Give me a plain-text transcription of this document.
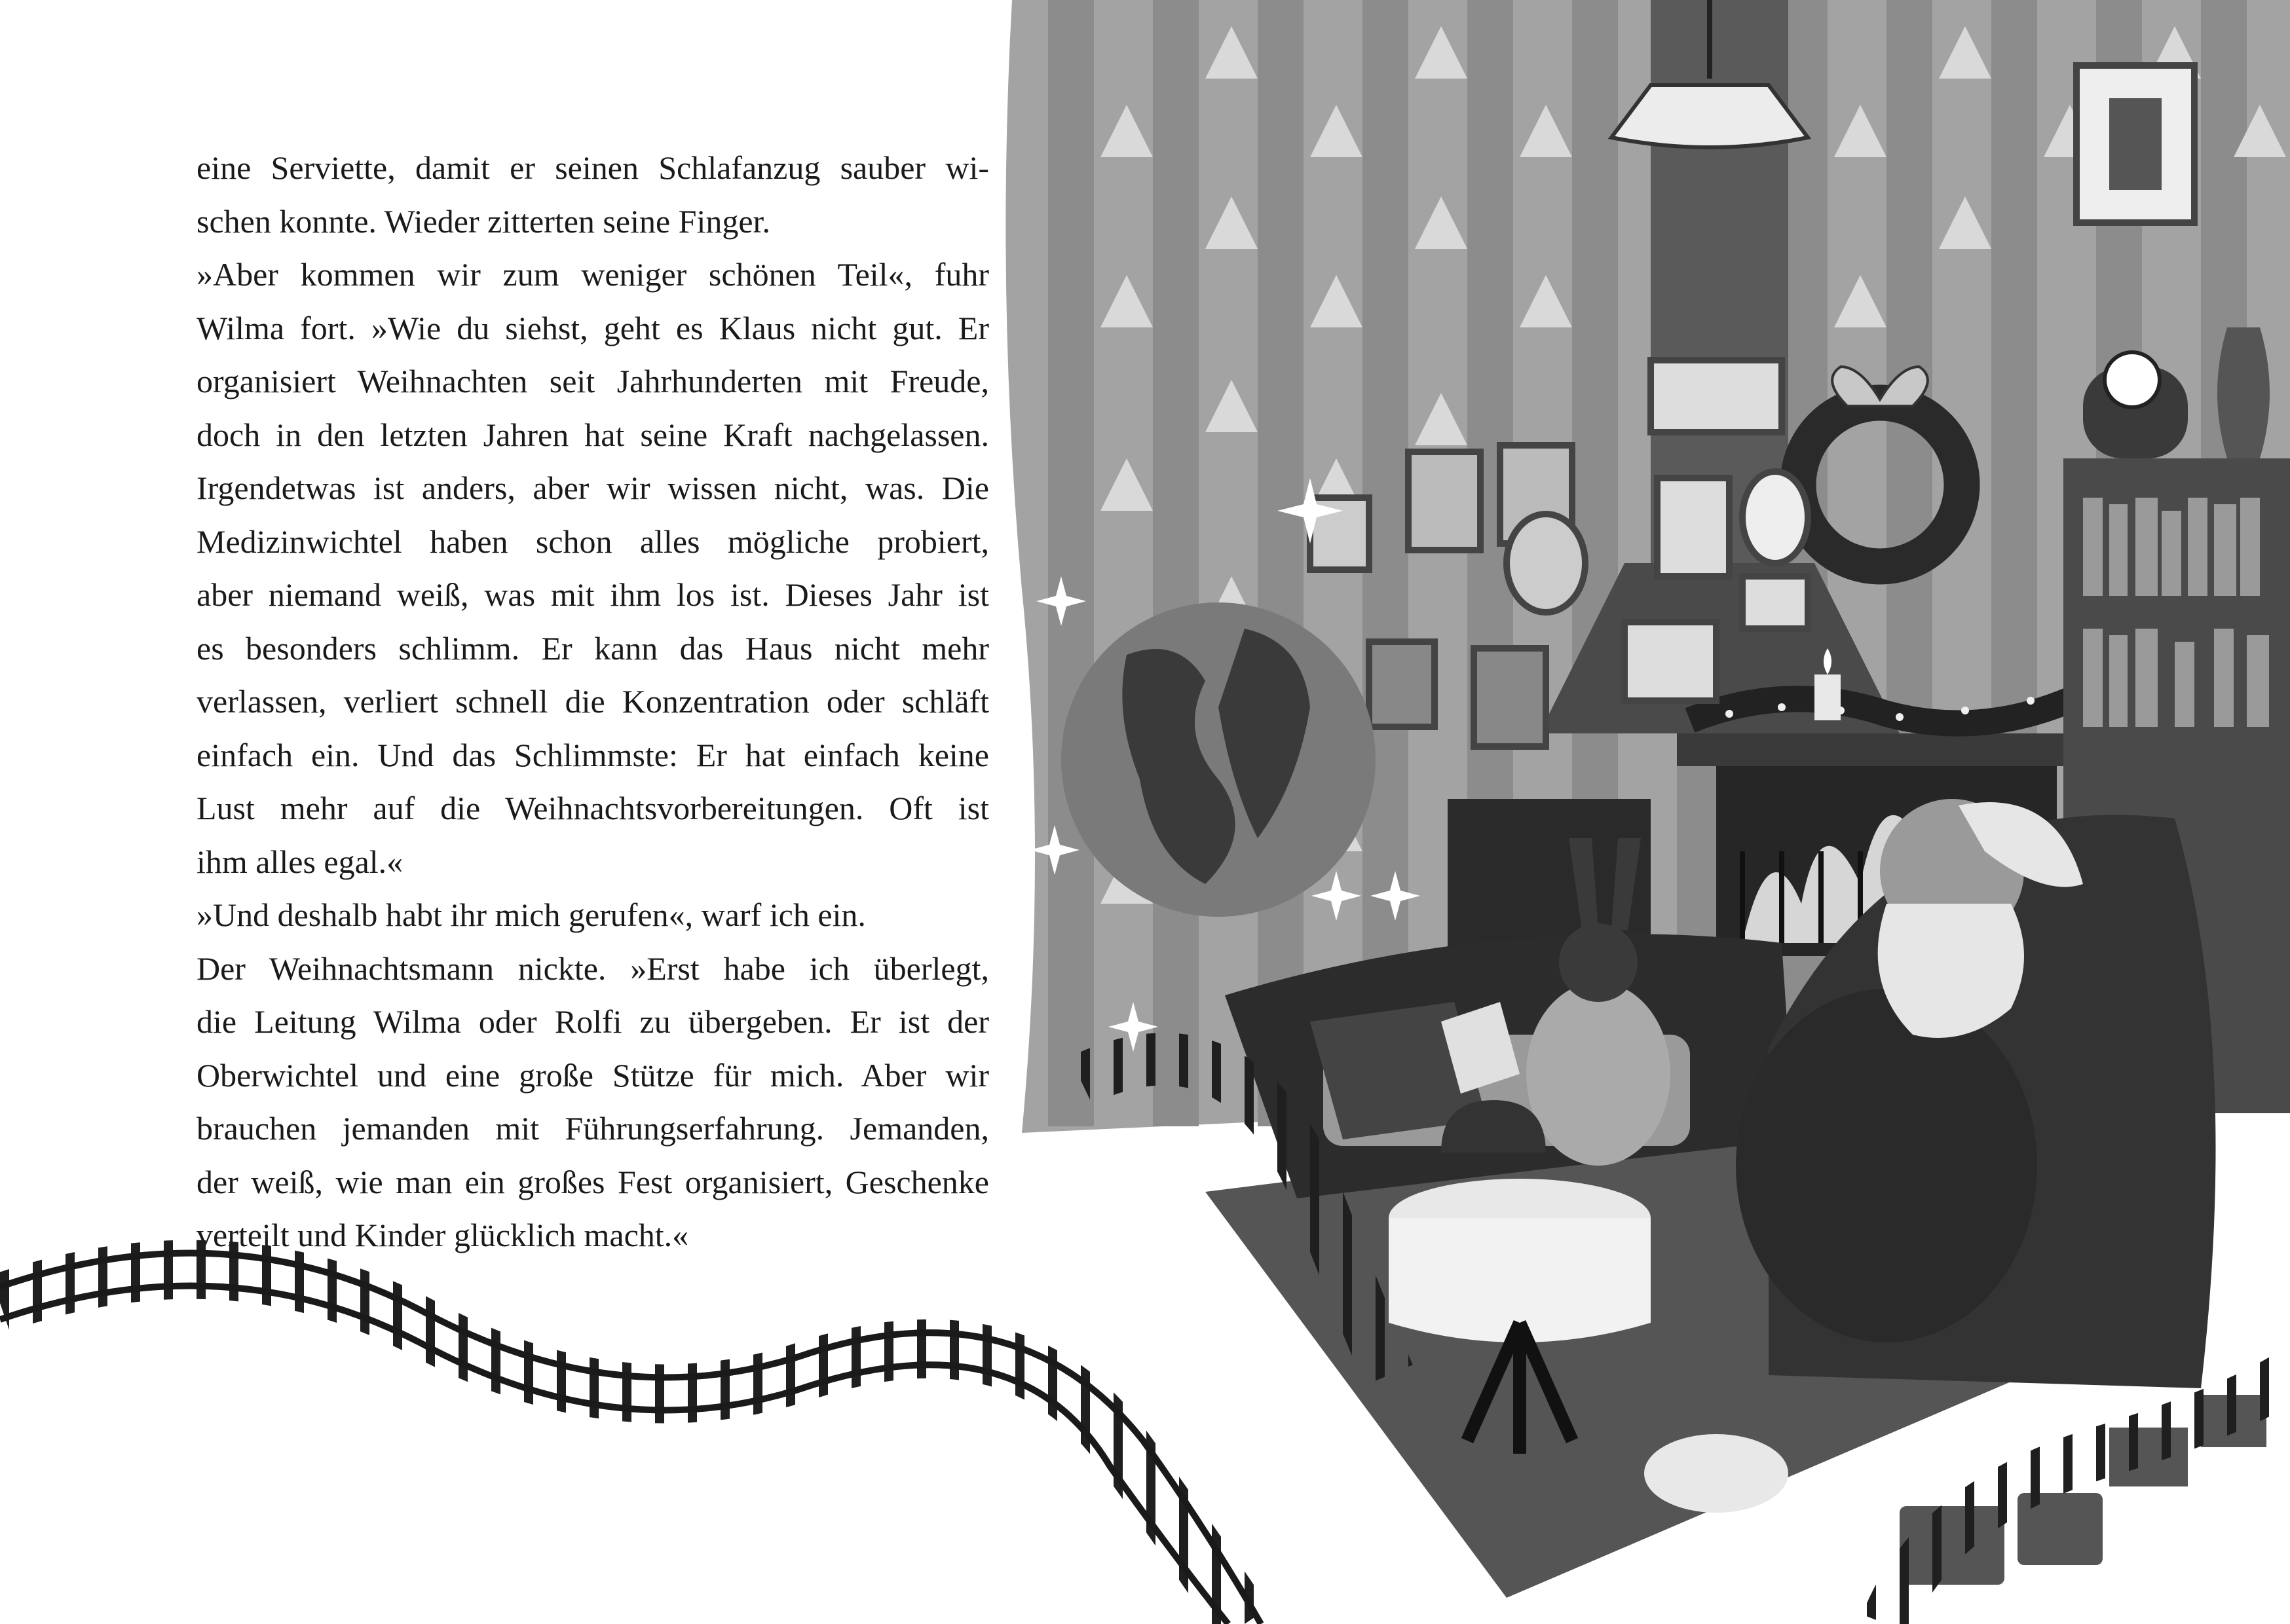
eine Serviette, damit er seinen Schlafanzug sauber wi-

schen konnte. Wieder zitterten seine Finger.

»Aber kommen wir zum weniger schönen Teil«, fuhr

Wilma fort. »Wie du siehst, geht es Klaus nicht gut. Er

organisiert Weihnachten seit Jahrhunderten mit Freude,

doch in den letzten Jahren hat seine Kraft nachgelassen.

Irgendetwas ist anders, aber wir wissen nicht, was. Die

Medizinwichtel haben schon alles mögliche probiert,

aber niemand weiß, was mit ihm los ist. Dieses Jahr ist

es besonders schlimm. Er kann das Haus nicht mehr

verlassen, verliert schnell die Konzentration oder schläft

einfach ein. Und das Schlimmste: Er hat einfach keine

Lust mehr auf die Weihnachtsvorbereitungen. Oft ist

ihm alles egal.«

»Und deshalb habt ihr mich gerufen«, warf ich ein.

Der Weihnachtsmann nickte. »Erst habe ich überlegt,

die Leitung Wilma oder Rolfi zu übergeben. Er ist der

Oberwichtel und eine große Stütze für mich. Aber wir

brauchen jemanden mit Führungserfahrung. Jemanden,

der weiß, wie man ein großes Fest organisiert, Geschenke

verteilt und Kinder glücklich macht.«
